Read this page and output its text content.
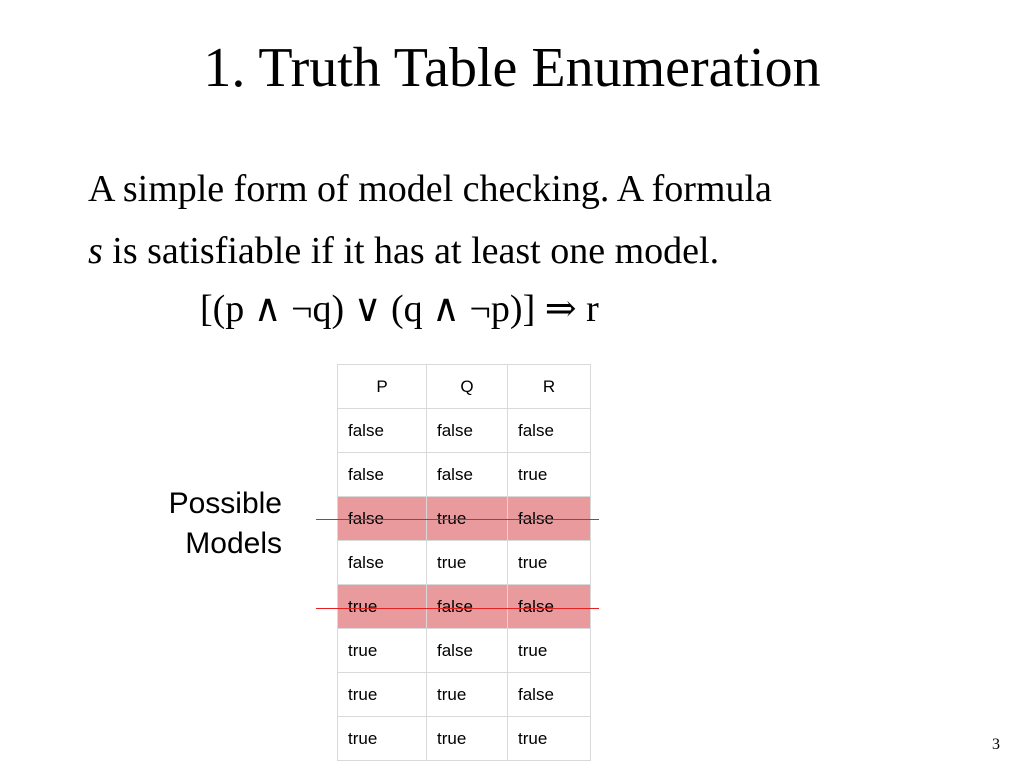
1. Truth Table Enumeration
A simple form of model checking. A formula
s is satisfiable if it has at least one model.
[(p ∧ ¬q) ∨ (q ∧ ¬p)] ⇒ r
Possible
Models
P	Q	R
false	false	false
false	false	true
false	true	false
false	true	true
true	false	false
true	false	true
true	true	false
true	true	true	3
